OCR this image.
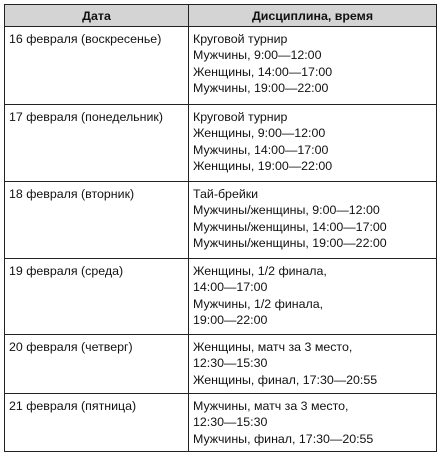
Дата	Дисциплина, время
16 февраля (воскресенье)	Круговой турнир
Мужчины, 9:00—12:00
Женщины, 14:00—17:00
Мужчины, 19:00—22:00

17 февраля (понедельник)	Круговой турнир
Женщины, 9:00—12:00
Мужчины, 14:00—17:00
Женщины, 19:00—22:00

18 февраля (вторник)	Тай-брейки
Мужчины/женщины, 9:00—12:00
Мужчины/женщины, 14:00—17:00
Мужчины/женщины, 19:00—22:00

19 февраля (среда)	Женщины, 1/2 финала,
14:00—17:00
Мужчины, 1/2 финала,
19:00—22:00

20 февраля (четверг)	Женщины, матч за 3 место,
12:30—15:30
Женщины, финал, 17:30—20:55

21 февраля (пятница)	Мужчины, матч за 3 место,
12:30—15:30
Мужчины, финал, 17:30—20:55
